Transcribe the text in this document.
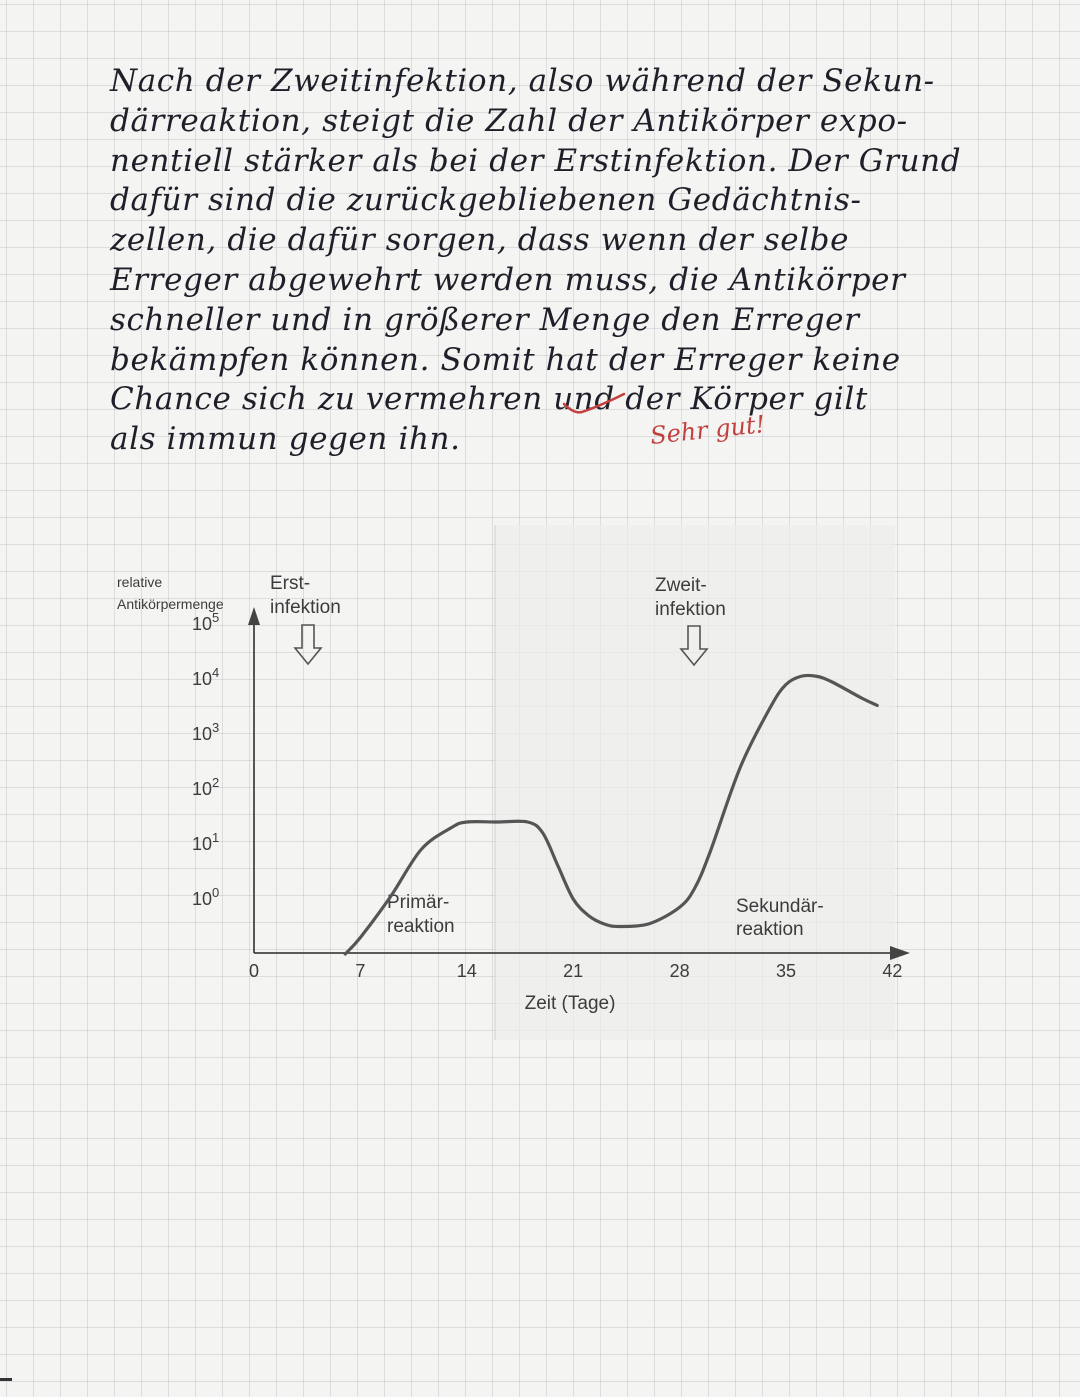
Nach der Zweitinfektion, also während der Sekun-
därreaktion, steigt die Zahl der Antikörper expo-
nentiell stärker als bei der Erstinfektion. Der Grund
dafür sind die zurückgebliebenen Gedächtnis-
zellen, die dafür sorgen, dass wenn der selbe
Erreger abgewehrt werden muss, die Antikörper
schneller und in größerer Menge den Erreger
bekämpfen können. Somit hat der Erreger keine
Chance sich zu vermehren und der Körper gilt
als immun gegen ihn.	Sehr gut!
relative
Antikörpermenge
$10^5$
$10^4$
$10^3$
$10^2$
$10^1$
$10^0$
0	7	14	21	28	35	42
Zeit (Tage)
Erst-
infektion
Zweit-
infektion
Primär-
reaktion
Sekundär-
reaktion
